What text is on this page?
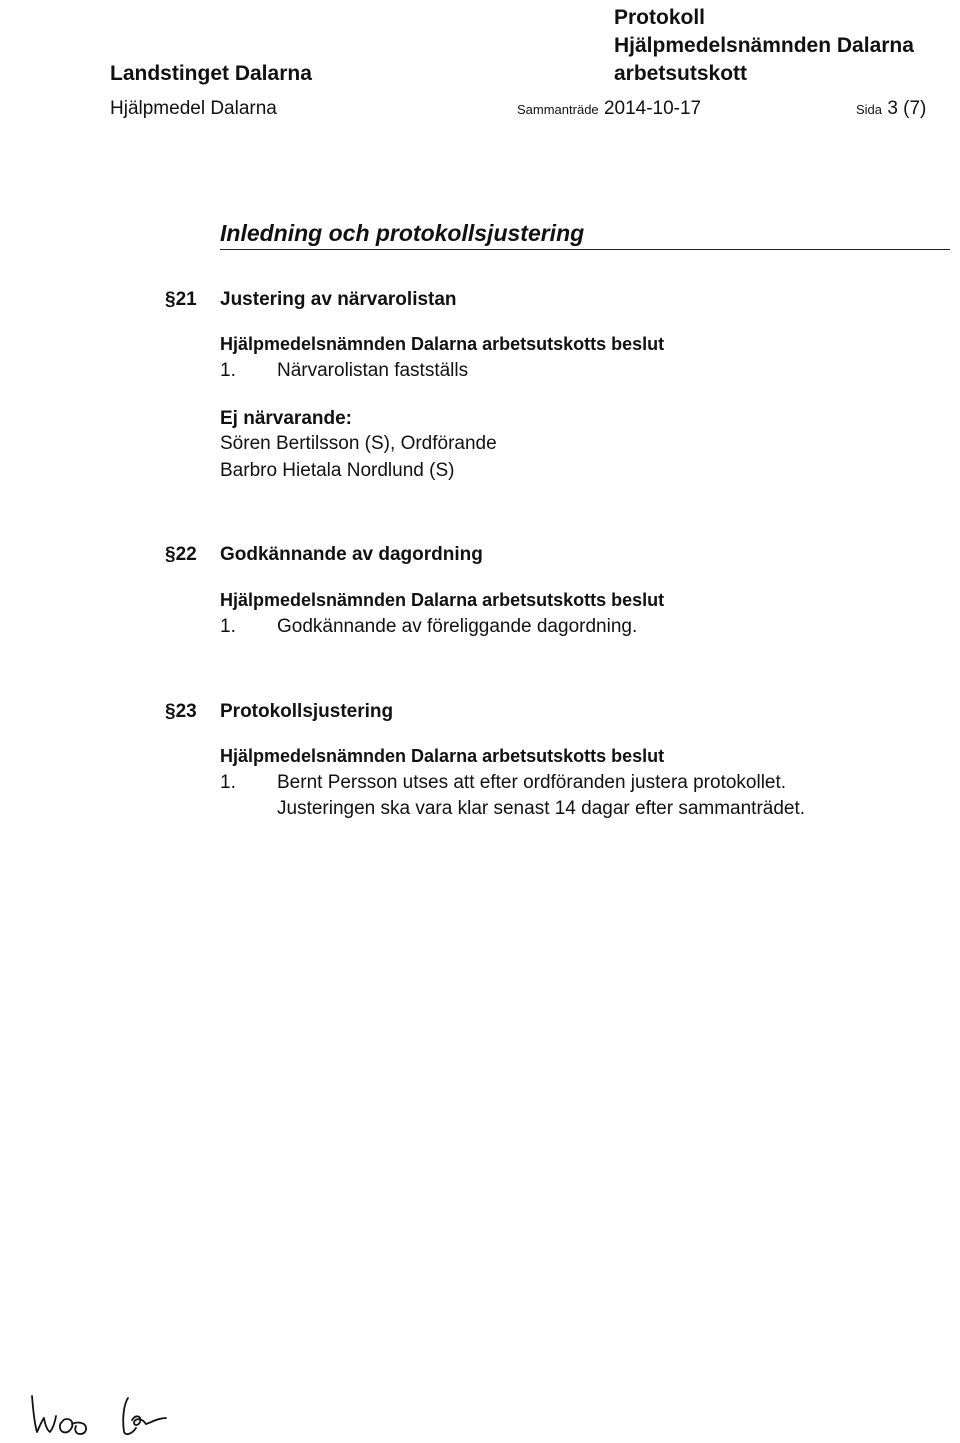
Landstinget Dalarna
Hjälpmedel Dalarna
Protokoll
Hjälpmedelsnämnden Dalarna
arbetsutskott
Sammanträde 2014-10-17	Sida 3 (7)
Inledning och protokollsjustering
§21 Justering av närvarolistan
Hjälpmedelsnämnden Dalarna arbetsutskotts beslut
1. Närvarolistan fastställs
Ej närvarande:
Sören Bertilsson (S), Ordförande
Barbro Hietala Nordlund (S)
§22 Godkännande av dagordning
Hjälpmedelsnämnden Dalarna arbetsutskotts beslut
1. Godkännande av föreliggande dagordning.
§23 Protokollsjustering
Hjälpmedelsnämnden Dalarna arbetsutskotts beslut
1. Bernt Persson utses att efter ordföranden justera protokollet.
Justeringen ska vara klar senast 14 dagar efter sammanträdet.
